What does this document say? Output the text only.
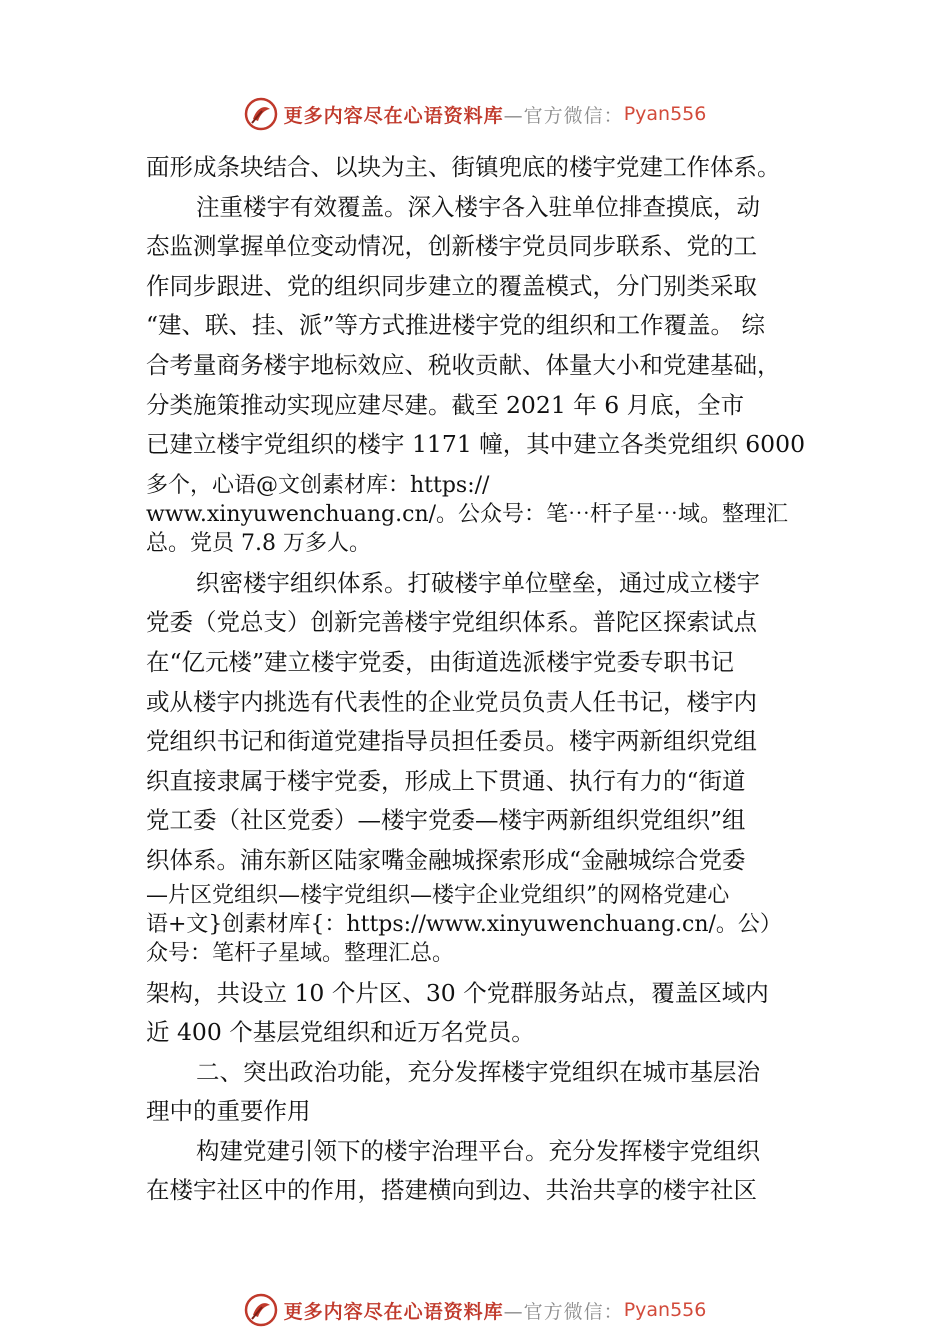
更多内容尽在心语资料库 —官方微信： Pyan556
面形成条块结合、以块为主、街镇兜底的楼宇党建工作体系。
注重楼宇有效覆盖。深入楼宇各入驻单位排查摸底，动
态监测掌握单位变动情况，创新楼宇党员同步联系、党的工
作同步跟进、党的组织同步建立的覆盖模式，分门别类采取
“建、联、挂、派”等方式推进楼宇党的组织和工作覆盖。 综
合考量商务楼宇地标效应、税收贡献、体量大小和党建基础，
分类施策推动实现应建尽建。截至 2021 年 6 月底，全市
已建立楼宇党组织的楼宇 1171 幢，其中建立各类党组织 6000
多个，心语@文创素材库：https://
www.xinyuwenchuang.cn/。公众号：笔⋯杆子星⋯域。整理汇
总。党员 7.8 万多人。
织密楼宇组织体系。打破楼宇单位壁垒，通过成立楼宇
党委（党总支）创新完善楼宇党组织体系。普陀区探索试点
在“亿元楼”建立楼宇党委，由街道选派楼宇党委专职书记
或从楼宇内挑选有代表性的企业党员负责人任书记，楼宇内
党组织书记和街道党建指导员担任委员。楼宇两新组织党组
织直接隶属于楼宇党委，形成上下贯通、执行有力的“街道
党工委（社区党委）—楼宇党委—楼宇两新组织党组织”组
织体系。浦东新区陆家嘴金融城探索形成“金融城综合党委
—片区党组织—楼宇党组织—楼宇企业党组织”的网格党建心
语+文}创素材库{：https://www.xinyuwenchuang.cn/。公）
众号：笔杆子星域。整理汇总。
架构，共设立 10 个片区、30 个党群服务站点，覆盖区域内
近 400 个基层党组织和近万名党员。
二、突出政治功能，充分发挥楼宇党组织在城市基层治
理中的重要作用
构建党建引领下的楼宇治理平台。充分发挥楼宇党组织
在楼宇社区中的作用，搭建横向到边、共治共享的楼宇社区
更多内容尽在心语资料库 —官方微信： Pyan556
